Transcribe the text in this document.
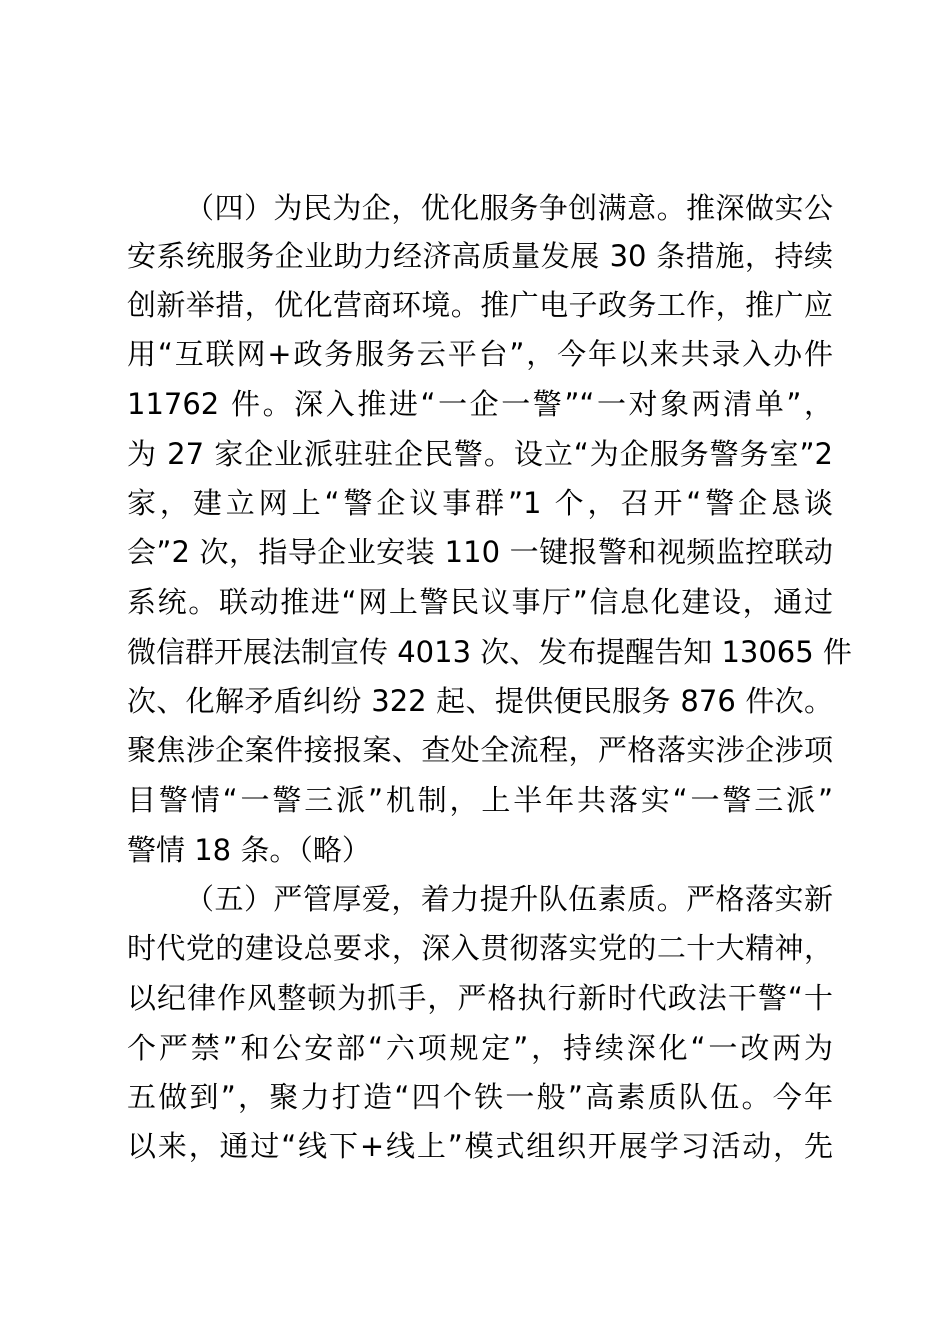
（四）为民为企，优化服务争创满意。推深做实公
安系统服务企业助力经济高质量发展 30 条措施，持续
创新举措，优化营商环境。推广电子政务工作，推广应
用“互联网+政务服务云平台”，今年以来共录入办件
11762 件。深入推进“一企一警”“一对象两清单”，
为 27 家企业派驻驻企民警。设立“为企服务警务室”2
家，建立网上“警企议事群”1 个，召开“警企恳谈
会”2 次，指导企业安装 110 一键报警和视频监控联动
系统。联动推进“网上警民议事厅”信息化建设，通过
微信群开展法制宣传 4013 次、发布提醒告知 13065 件
次、化解矛盾纠纷 322 起、提供便民服务 876 件次。
聚焦涉企案件接报案、查处全流程，严格落实涉企涉项
目警情“一警三派”机制，上半年共落实“一警三派”
警情 18 条。（略）
（五）严管厚爱，着力提升队伍素质。严格落实新
时代党的建设总要求，深入贯彻落实党的二十大精神，
以纪律作风整顿为抓手，严格执行新时代政法干警“十
个严禁”和公安部“六项规定”，持续深化“一改两为
五做到”，聚力打造“四个铁一般”高素质队伍。今年
以来，通过“线下+线上”模式组织开展学习活动，先
